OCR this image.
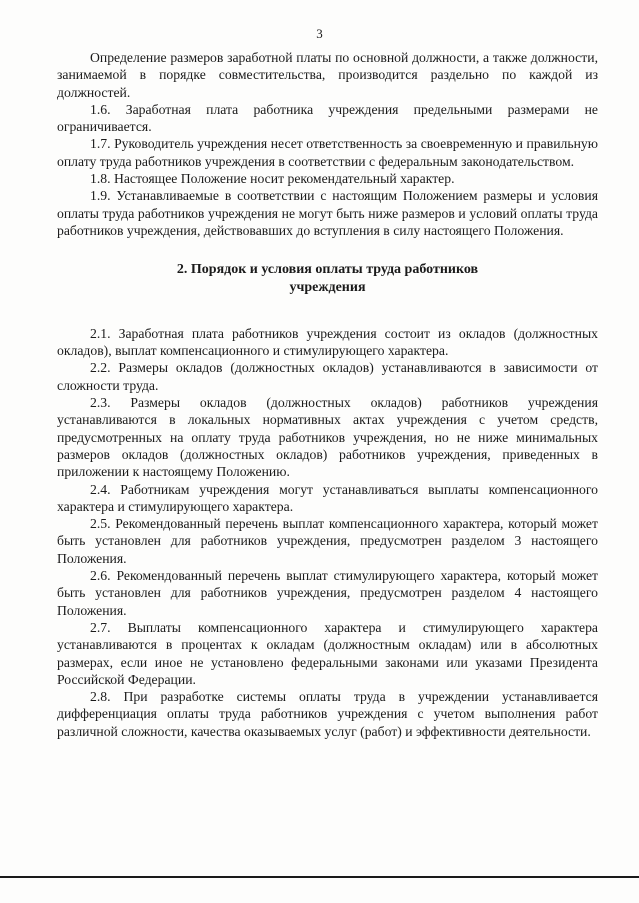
3

Определение размеров заработной платы по основной должности, а также должности, занимаемой в порядке совместительства, производится раздельно по каждой из должностей.

1.6. Заработная плата работника учреждения предельными размерами не ограничивается.

1.7. Руководитель учреждения несет ответственность за своевременную и правильную оплату труда работников учреждения в соответствии с федеральным законодательством.

1.8. Настоящее Положение носит рекомендательный характер.

1.9. Устанавливаемые в соответствии с настоящим Положением размеры и условия оплаты труда работников учреждения не могут быть ниже размеров и условий оплаты труда работников учреждения, действовавших до вступления в силу настоящего Положения.

2. Порядок и условия оплаты труда работников
учреждения

2.1. Заработная плата работников учреждения состоит из окладов (должностных окладов), выплат компенсационного и стимулирующего характера.

2.2. Размеры окладов (должностных окладов) устанавливаются в зависимости от сложности труда.

2.3. Размеры окладов (должностных окладов) работников учреждения устанавливаются в локальных нормативных актах учреждения с учетом средств, предусмотренных на оплату труда работников учреждения, но не ниже минимальных размеров окладов (должностных окладов) работников учреждения, приведенных в приложении к настоящему Положению.

2.4. Работникам учреждения могут устанавливаться выплаты компенсационного характера и стимулирующего характера.

2.5. Рекомендованный перечень выплат компенсационного характера, который может быть установлен для работников учреждения, предусмотрен разделом 3 настоящего Положения.

2.6. Рекомендованный перечень выплат стимулирующего характера, который может быть установлен для работников учреждения, предусмотрен разделом 4 настоящего Положения.

2.7. Выплаты компенсационного характера и стимулирующего характера устанавливаются в процентах к окладам (должностным окладам) или в абсолютных размерах, если иное не установлено федеральными законами или указами Президента Российской Федерации.

2.8. При разработке системы оплаты труда в учреждении устанавливается дифференциация оплаты труда работников учреждения с учетом выполнения работ различной сложности, качества оказываемых услуг (работ) и эффективности деятельности.
